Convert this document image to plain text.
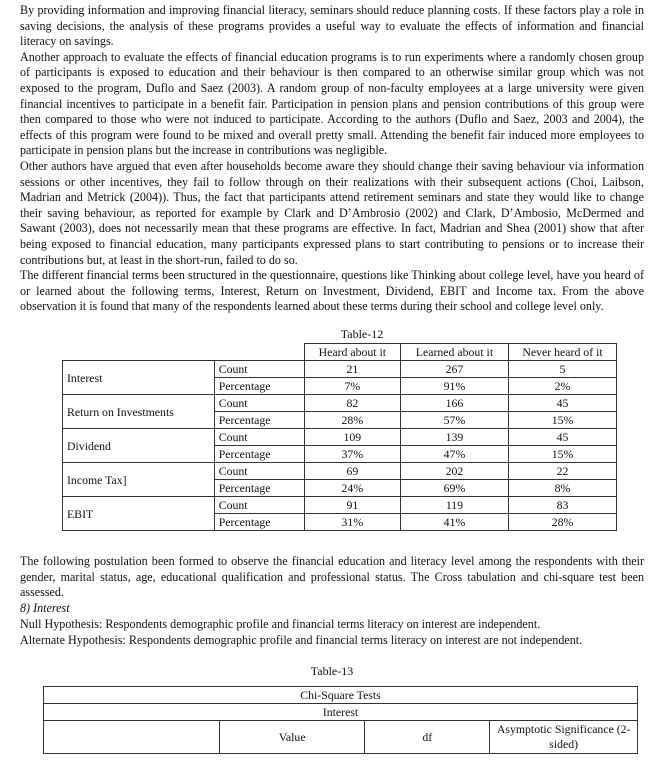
By providing information and improving financial literacy, seminars should reduce planning costs. If these factors play a role in saving decisions, the analysis of these programs provides a useful way to evaluate the effects of information and financial literacy on savings.

Another approach to evaluate the effects of financial education programs is to run experiments where a randomly chosen group of participants is exposed to education and their behaviour is then compared to an otherwise similar group which was not exposed to the program, Duflo and Saez (2003). A random group of non-faculty employees at a large university were given financial incentives to participate in a benefit fair. Participation in pension plans and pension contributions of this group were then compared to those who were not induced to participate. According to the authors (Duflo and Saez, 2003 and 2004), the effects of this program were found to be mixed and overall pretty small. Attending the benefit fair induced more employees to participate in pension plans but the increase in contributions was negligible.

Other authors have argued that even after households become aware they should change their saving behaviour via information sessions or other incentives, they fail to follow through on their realizations with their subsequent actions (Choi, Laibson, Madrian and Metrick (2004)). Thus, the fact that participants attend retirement seminars and state they would like to change their saving behaviour, as reported for example by Clark and D’Ambrosio (2002) and Clark, D’Ambosio, McDermed and Sawant (2003), does not necessarily mean that these programs are effective. In fact, Madrian and Shea (2001) show that after being exposed to financial education, many participants expressed plans to start contributing to pensions or to increase their contributions but, at least in the short-run, failed to do so.

The different financial terms been structured in the questionnaire, questions like Thinking about college level, have you heard of or learned about the following terms, Interest, Return on Investment, Dividend, EBIT and Income tax. From the above observation it is found that many of the respondents learned about these terms during their school and college level only.

Table-12
		Heard about it	Learned about it	Never heard of it
Interest	Count	21	267	5
	Percentage	7%	91%	2%
Return on Investments	Count	82	166	45
	Percentage	28%	57%	15%
Dividend	Count	109	139	45
	Percentage	37%	47%	15%
Income Tax]	Count	69	202	22
	Percentage	24%	69%	8%
EBIT	Count	91	119	83
	Percentage	31%	41%	28%

The following postulation been formed to observe the financial education and literacy level among the respondents with their gender, marital status, age, educational qualification and professional status. The Cross tabulation and chi-square test been assessed.

8) Interest
Null Hypothesis: Respondents demographic profile and financial terms literacy on interest are independent.
Alternate Hypothesis: Respondents demographic profile and financial terms literacy on interest are not independent.
Table-13
Chi-Square Tests
Interest
	Value	df	Asymptotic Significance (2-sided)
